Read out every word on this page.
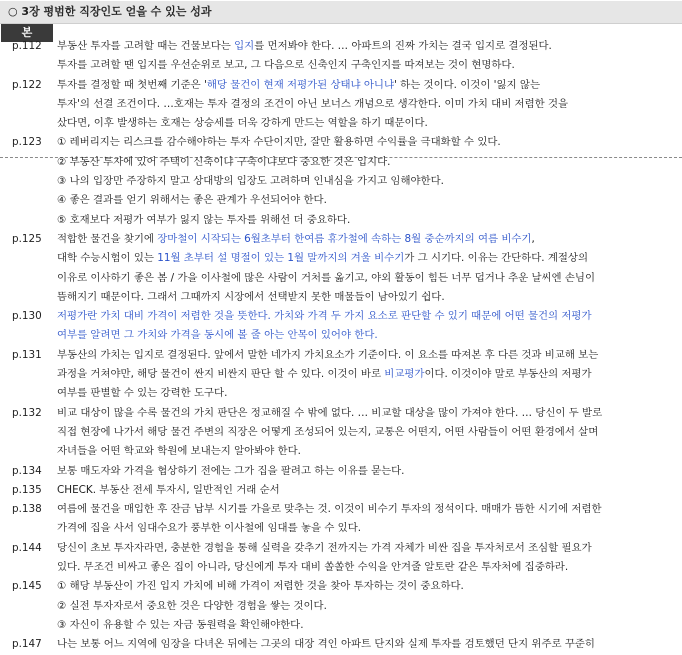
○ 3장 평범한 직장인도 얻을 수 있는 성과
본
p.112	부동산 투자를 고려할 때는 건물보다는 입지를 먼저봐야 한다. … 아파트의 진짜 가치는 결국 입지로 결정된다.
투자를 고려할 땐 입지를 우선순위로 보고, 그 다음으로 신축인지 구축인지를 따져보는 것이 현명하다.
p.122	투자를 결정할 때 첫번째 기준은 '해당 물건이 현재 저평가된 상태냐 아니냐' 하는 것이다. 이것이 '잃지 않는
투자'의 선결 조건이다. …호재는 투자 결정의 조건이 아닌 보너스 개념으로 생각한다. 이미 가치 대비 저렴한 것을
샀다면, 이후 발생하는 호재는 상승세를 더욱 강하게 만드는 역할을 하기 때문이다.
p.123	① 레버리지는 리스크를 감수해야하는 투자 수단이지만, 잘만 활용하면 수익률을 극대화할 수 있다.
② 부동산 투자에 있어 주택이 신축이냐 구축이냐보다 중요한 것은 입지다.
③ 나의 입장만 주장하지 말고 상대방의 입장도 고려하며 인내심을 가지고 임해야한다.
④ 좋은 결과를 얻기 위해서는 좋은 관계가 우선되어야 한다.
⑤ 호재보다 저평가 여부가 잃지 않는 투자를 위해선 더 중요하다.
p.125	적합한 물건을 찾기에 장마철이 시작되는 6월초부터 한여름 휴가철에 속하는 8월 중순까지의 여름 비수기,
대학 수능시험이 있는 11월 초부터 설 명절이 있는 1월 말까지의 겨울 비수기가 그 시기다. 이유는 간단하다. 계절상의
이유로 이사하기 좋은 봄 / 가을 이사철에 많은 사람이 거처를 옮기고, 야외 활동이 힘든 너무 덥거나 추운 날씨엔 손님이
뜸해지기 때문이다. 그래서 그때까지 시장에서 선택받지 못한 매물들이 남아있기 쉽다.
p.130	저평가란 가치 대비 가격이 저렴한 것을 뜻한다. 가치와 가격 두 가지 요소로 판단할 수 있기 때문에 어떤 물건의 저평가
여부를 알려면 그 가치와 가격을 동시에 볼 줄 아는 안목이 있어야 한다.
p.131	부동산의 가치는 입지로 결정된다. 앞에서 말한 네가지 가치요소가 기준이다. 이 요소를 따져본 후 다른 것과 비교해 보는
과정을 거쳐야만, 해당 물건이 싼지 비싼지 판단 할 수 있다. 이것이 바로 비교평가이다. 이것이야 말로 부동산의 저평가
여부를 판별할 수 있는 강력한 도구다.
p.132	비교 대상이 많을 수록 물건의 가치 판단은 정교해질 수 밖에 없다. … 비교할 대상을 많이 가져야 한다. … 당신이 두 발로
직접 현장에 나가서 해당 물건 주변의 직장은 어떻게 조성되어 있는지, 교통은 어떤지, 어떤 사람들이 어떤 환경에서 살며
자녀들을 어떤 학교와 학원에 보내는지 알아봐야 한다.
p.134	보통 매도자와 가격을 협상하기 전에는 그가 집을 팔려고 하는 이유를 묻는다.
p.135	CHECK. 부동산 전세 투자시, 일반적인 거래 순서
p.138	여름에 물건을 매입한 후 잔금 납부 시기를 가을로 맞추는 것. 이것이 비수기 투자의 정석이다. 매매가 뜸한 시기에 저렴한
가격에 집을 사서 임대수요가 풍부한 이사철에 임대를 놓을 수 있다.
p.144	당신이 초보 투자자라면, 충분한 경험을 통해 실력을 갖추기 전까지는 가격 자체가 비싼 집을 투자처로서 조심할 필요가
있다. 무조건 비싸고 좋은 집이 아니라, 당신에게 투자 대비 쏠쏠한 수익을 안겨줄 알토란 같은 투자처에 집중하라.
p.145	① 해당 부동산이 가진 입지 가치에 비해 가격이 저렴한 것을 찾아 투자하는 것이 중요하다.
② 실전 투자자로서 중요한 것은 다양한 경험을 쌓는 것이다.
③ 자신이 유용할 수 있는 자금 동원력을 확인해야한다.
p.147	나는 보통 어느 지역에 임장을 다녀온 뒤에는 그곳의 대장 격인 아파트 단지와 실제 투자를 검토했던 단지 위주로 꾸준히
